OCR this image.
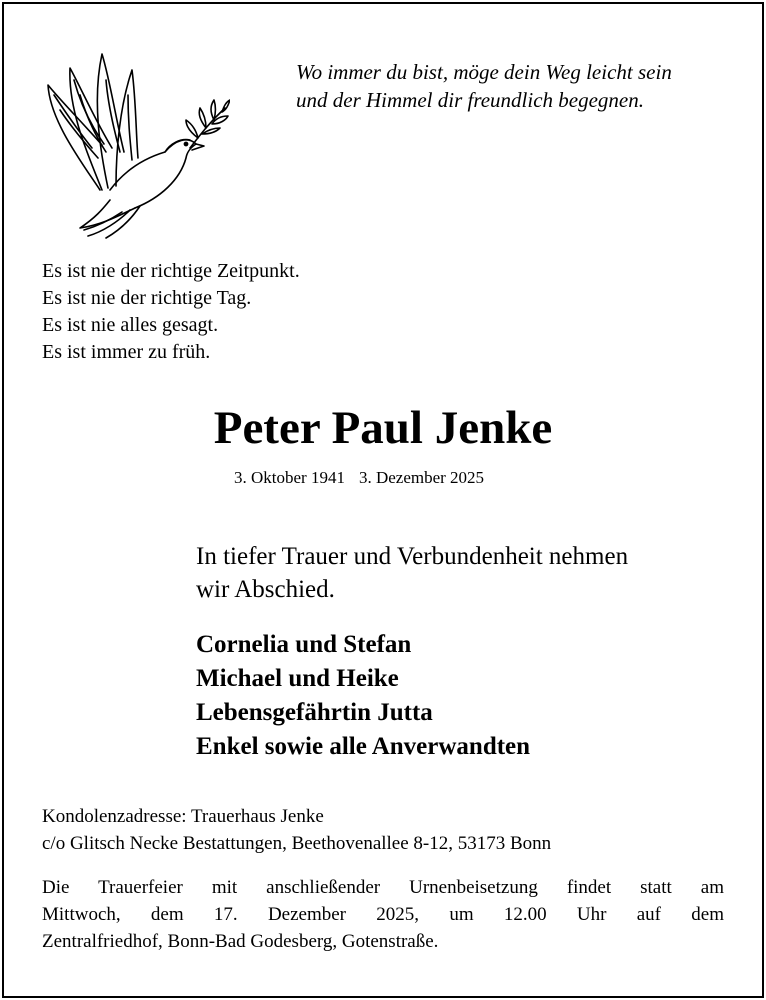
Wo immer du bist, möge dein Weg leicht sein
und der Himmel dir freundlich begegnen.
Es ist nie der richtige Zeitpunkt.
Es ist nie der richtige Tag.
Es ist nie alles gesagt.
Es ist immer zu früh.
Peter Paul Jenke
3. Oktober 1941 3. Dezember 2025
In tiefer Trauer und Verbundenheit nehmen
wir Abschied.
Cornelia und Stefan
Michael und Heike
Lebensgefährtin Jutta
Enkel sowie alle Anverwandten
Kondolenzadresse: Trauerhaus Jenke
c/o Glitsch Necke Bestattungen, Beethovenallee 8-12, 53173 Bonn
Die Trauerfeier mit anschließender Urnenbeisetzung findet statt am
Mittwoch, dem 17. Dezember 2025, um 12.00 Uhr auf dem
Zentralfriedhof, Bonn-Bad Godesberg, Gotenstraße.
